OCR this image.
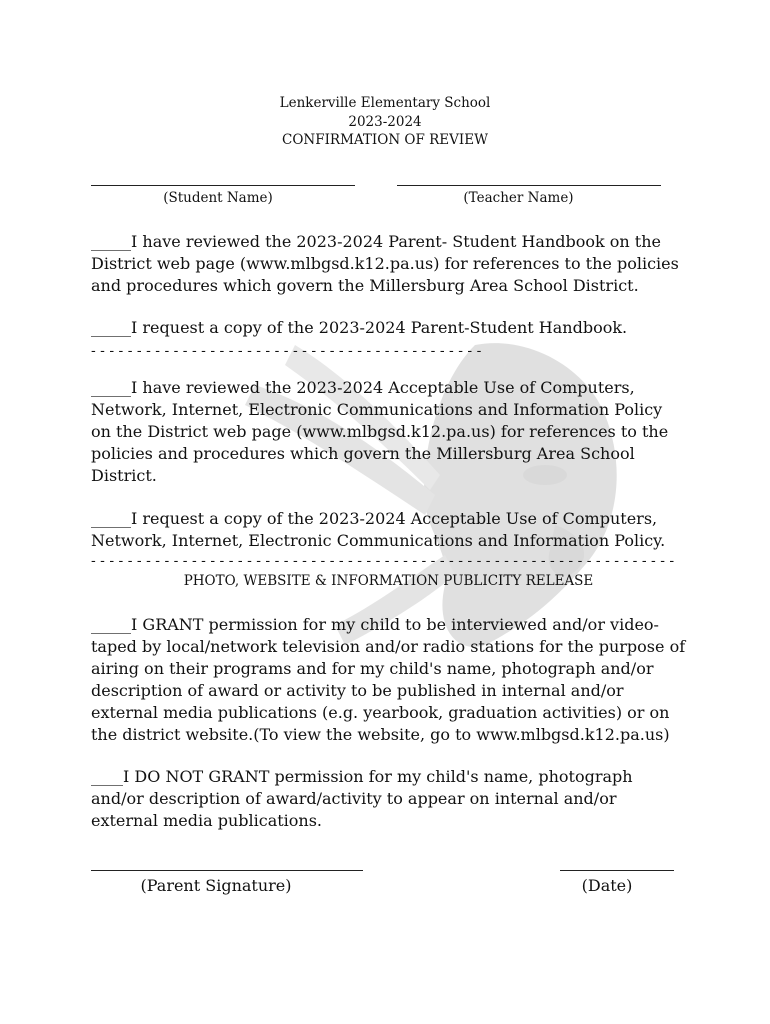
Lenkerville Elementary School
2023-2024
CONFIRMATION OF REVIEW
(Student Name)	(Teacher Name)

_____I have reviewed the 2023-2024 Parent- Student Handbook on the District web page (www.mlbgsd.k12.pa.us) for references to the policies and procedures which govern the Millersburg Area School District.

_____I request a copy of the 2023-2024 Parent-Student Handbook.

- - - - - - - - - - - - - - - - - - - - - - - - - - - - - - - - - - - - - - - - - - -

_____I have reviewed the 2023-2024 Acceptable Use of Computers, Network, Internet, Electronic Communications and Information Policy on the District web page (www.mlbgsd.k12.pa.us) for references to the policies and procedures which govern the Millersburg Area School District.

_____I request a copy of the 2023-2024 Acceptable Use of Computers, Network, Internet, Electronic Communications and Information Policy.

- - - - - - - - - - - - - - - - - - - - - - - - - - - - - - - - - - - - - - - - - - - - - - - - - - - - - - - - - - - - - - - -
PHOTO, WEBSITE & INFORMATION PUBLICITY RELEASE

_____I GRANT permission for my child to be interviewed and/or video-taped by local/network television and/or radio stations for the purpose of airing on their programs and for my child's name, photograph and/or description of award or activity to be published in internal and/or external media publications (e.g. yearbook, graduation activities) or on the district website.(To view the website, go to www.mlbgsd.k12.pa.us)

____I DO NOT GRANT permission for my child's name, photograph and/or description of award/activity to appear on internal and/or external media publications.

(Parent Signature)	(Date)
